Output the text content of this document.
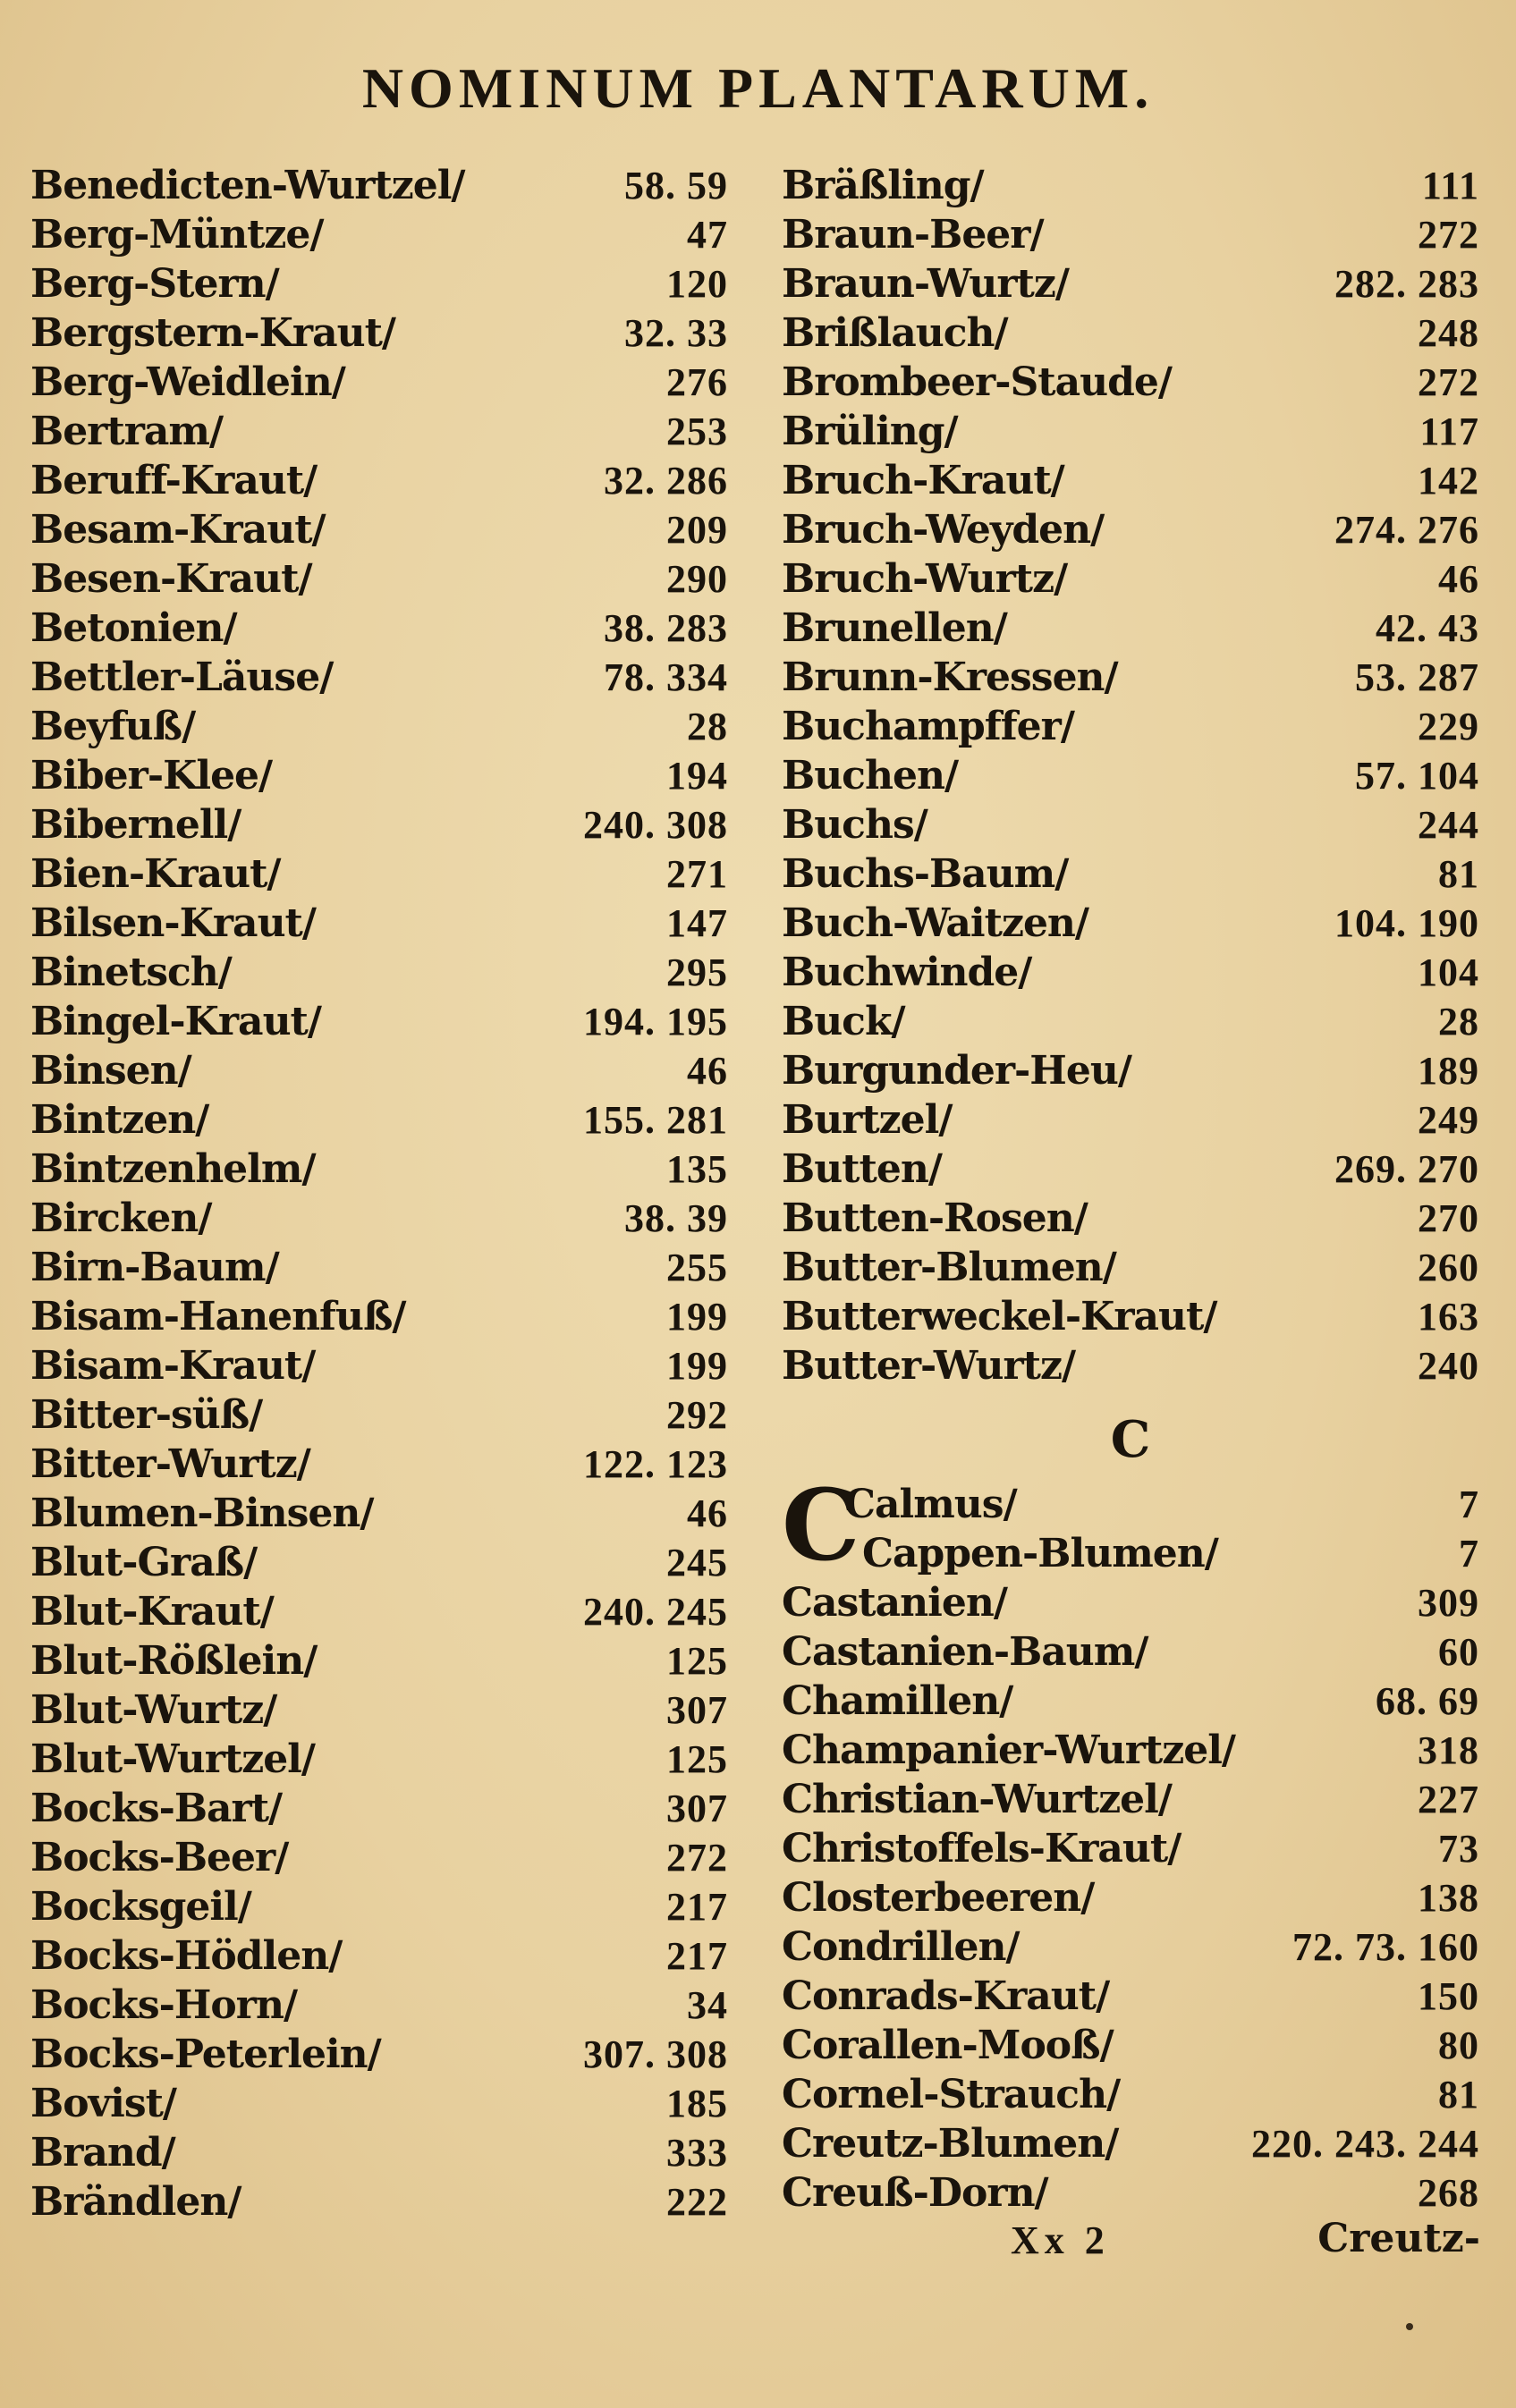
NOMINUM PLANTARUM.
Benedicten-Wurtzel/	58. 59
Berg-Müntze/	47
Berg-Stern/	120
Bergstern-Kraut/	32. 33
Berg-Weidlein/	276
Bertram/	253
Beruff-Kraut/	32. 286
Besam-Kraut/	209
Besen-Kraut/	290
Betonien/	38. 283
Bettler-Läuse/	78. 334
Beyfuß/	28
Biber-Klee/	194
Bibernell/	240. 308
Bien-Kraut/	271
Bilsen-Kraut/	147
Binetsch/	295
Bingel-Kraut/	194. 195
Binsen/	46
Bintzen/	155. 281
Bintzenhelm/	135
Bircken/	38. 39
Birn-Baum/	255
Bisam-Hanenfuß/	199
Bisam-Kraut/	199
Bitter-süß/	292
Bitter-Wurtz/	122. 123
Blumen-Binsen/	46
Blut-Graß/	245
Blut-Kraut/	240. 245
Blut-Rößlein/	125
Blut-Wurtz/	307
Blut-Wurtzel/	125
Bocks-Bart/	307
Bocks-Beer/	272
Bocksgeil/	217
Bocks-Hödlen/	217
Bocks-Horn/	34
Bocks-Peterlein/	307. 308
Bovist/	185
Brand/	333
Brändlen/	222
Bräßling/	111
Braun-Beer/	272
Braun-Wurtz/	282. 283
Brißlauch/	248
Brombeer-Staude/	272
Brüling/	117
Bruch-Kraut/	142
Bruch-Weyden/	274. 276
Bruch-Wurtz/	46
Brunellen/	42. 43
Brunn-Kressen/	53. 287
Buchampffer/	229
Buchen/	57. 104
Buchs/	244
Buchs-Baum/	81
Buch-Waitzen/	104. 190
Buchwinde/	104
Buck/	28
Burgunder-Heu/	189
Burtzel/	249
Butten/	269. 270
Butten-Rosen/	270
Butter-Blumen/	260
Butterweckel-Kraut/	163
Butter-Wurtz/	240
C
C
Calmus/	7
Cappen-Blumen/	7
Castanien/	309
Castanien-Baum/	60
Chamillen/	68. 69
Champanier-Wurtzel/	318
Christian-Wurtzel/	227
Christoffels-Kraut/	73
Closterbeeren/	138
Condrillen/	72. 73. 160
Conrads-Kraut/	150
Corallen-Mooß/	80
Cornel-Strauch/	81
Creutz-Blumen/	220. 243. 244
Creuß-Dorn/	268
Xx 2	Creutz-
